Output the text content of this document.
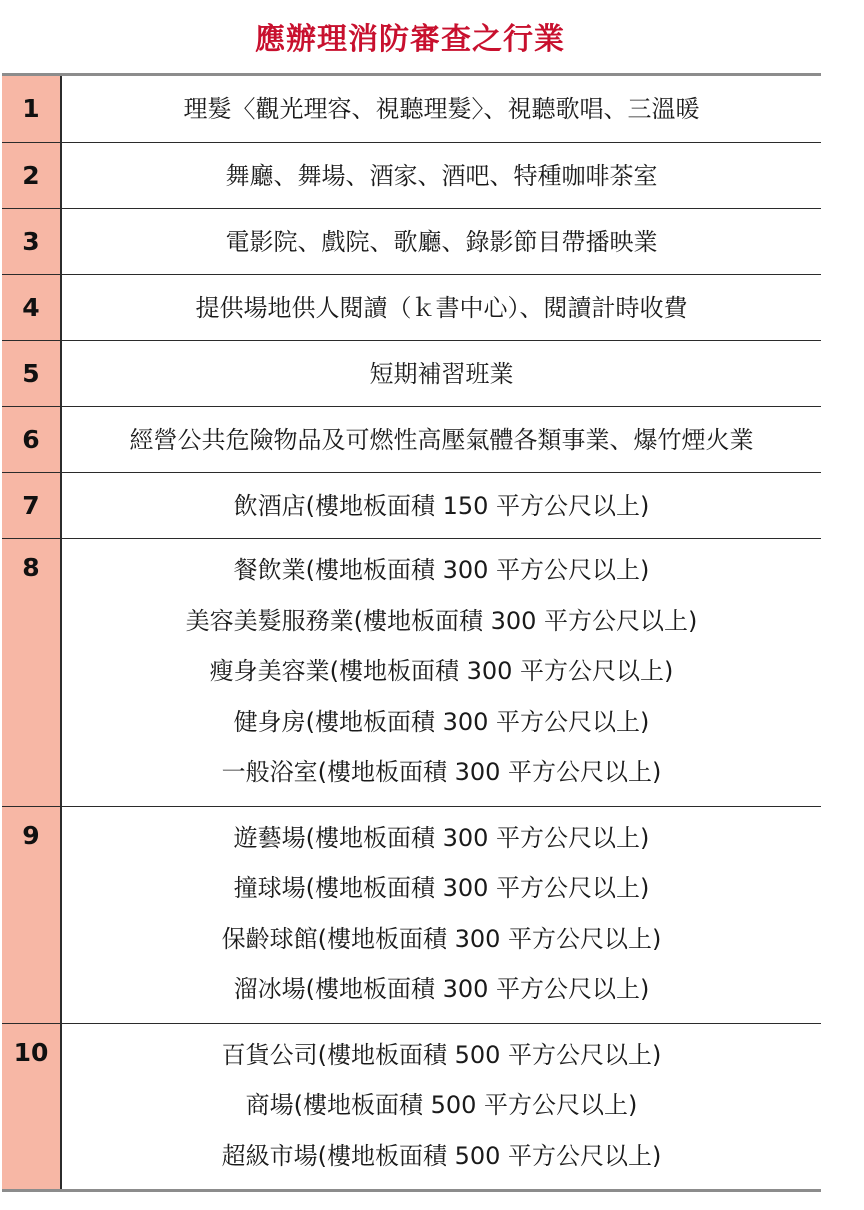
應辦理消防審查之行業
1	理髮〈觀光理容、視聽理髮〉、視聽歌唱、三溫暖
2	舞廳、舞場、酒家、酒吧、特種咖啡茶室
3	電影院、戲院、歌廳、錄影節目帶播映業
4	提供場地供人閱讀（ｋ書中心）、閱讀計時收費
5	短期補習班業
6	經營公共危險物品及可燃性高壓氣體各類事業、爆竹煙火業
7	飲酒店(樓地板面積 150 平方公尺以上)
8	餐飲業(樓地板面積 300 平方公尺以上)
美容美髮服務業(樓地板面積 300 平方公尺以上)
瘦身美容業(樓地板面積 300 平方公尺以上)
健身房(樓地板面積 300 平方公尺以上)
一般浴室(樓地板面積 300 平方公尺以上)
9	遊藝場(樓地板面積 300 平方公尺以上)
撞球場(樓地板面積 300 平方公尺以上)
保齡球館(樓地板面積 300 平方公尺以上)
溜冰場(樓地板面積 300 平方公尺以上)
10	百貨公司(樓地板面積 500 平方公尺以上)
商場(樓地板面積 500 平方公尺以上)
超級市場(樓地板面積 500 平方公尺以上)
